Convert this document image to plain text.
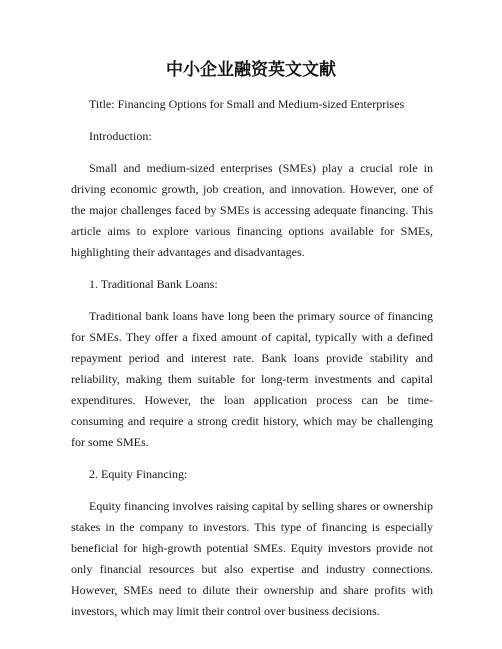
中小企业融资英文文献

Title: Financing Options for Small and Medium-sized Enterprises

Introduction:

Small and medium-sized enterprises (SMEs) play a crucial role in driving economic growth, job creation, and innovation. However, one of the major challenges faced by SMEs is accessing adequate financing. This article aims to explore various financing options available for SMEs, highlighting their advantages and disadvantages.

1. Traditional Bank Loans:

Traditional bank loans have long been the primary source of financing for SMEs. They offer a fixed amount of capital, typically with a defined repayment period and interest rate. Bank loans provide stability and reliability, making them suitable for long-term investments and capital expenditures. However, the loan application process can be time-consuming and require a strong credit history, which may be challenging for some SMEs.

2. Equity Financing:

Equity financing involves raising capital by selling shares or ownership stakes in the company to investors. This type of financing is especially beneficial for high-growth potential SMEs. Equity investors provide not only financial resources but also expertise and industry connections. However, SMEs need to dilute their ownership and share profits with investors, which may limit their control over business decisions.
